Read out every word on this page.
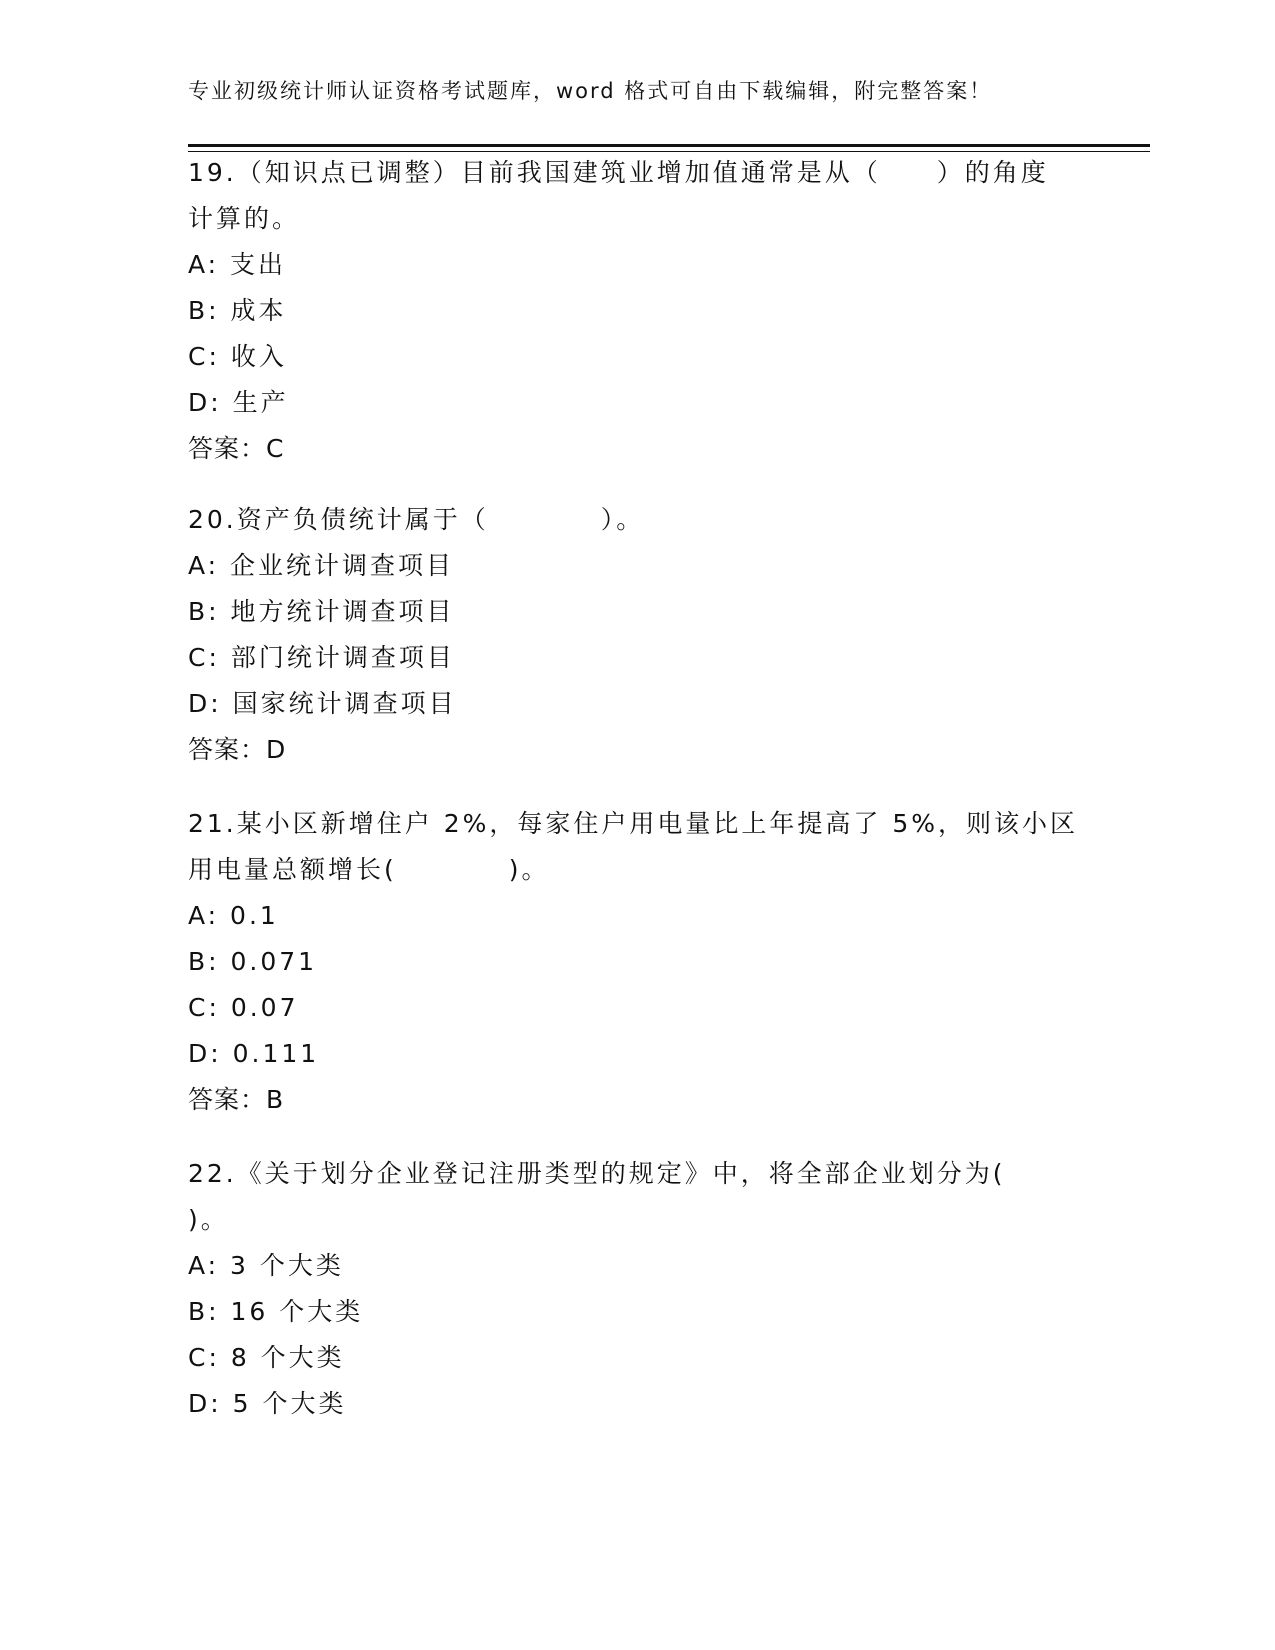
专业初级统计师认证资格考试题库，word 格式可自由下载编辑，附完整答案！
19.（知识点已调整）目前我国建筑业增加值通常是从（　　）的角度
计算的。
A: 支出
B: 成本
C: 收入
D: 生产
答案：C
20.资产负债统计属于（　　　　）。
A: 企业统计调查项目
B: 地方统计调查项目
C: 部门统计调查项目
D: 国家统计调查项目
答案：D
21.某小区新增住户 2%，每家住户用电量比上年提高了 5%，则该小区
用电量总额增长(　　　　)。
A: 0.1
B: 0.071
C: 0.07
D: 0.111
答案：B
22.《关于划分企业登记注册类型的规定》中，将全部企业划分为(
)。
A: 3 个大类
B: 16 个大类
C: 8 个大类
D: 5 个大类
